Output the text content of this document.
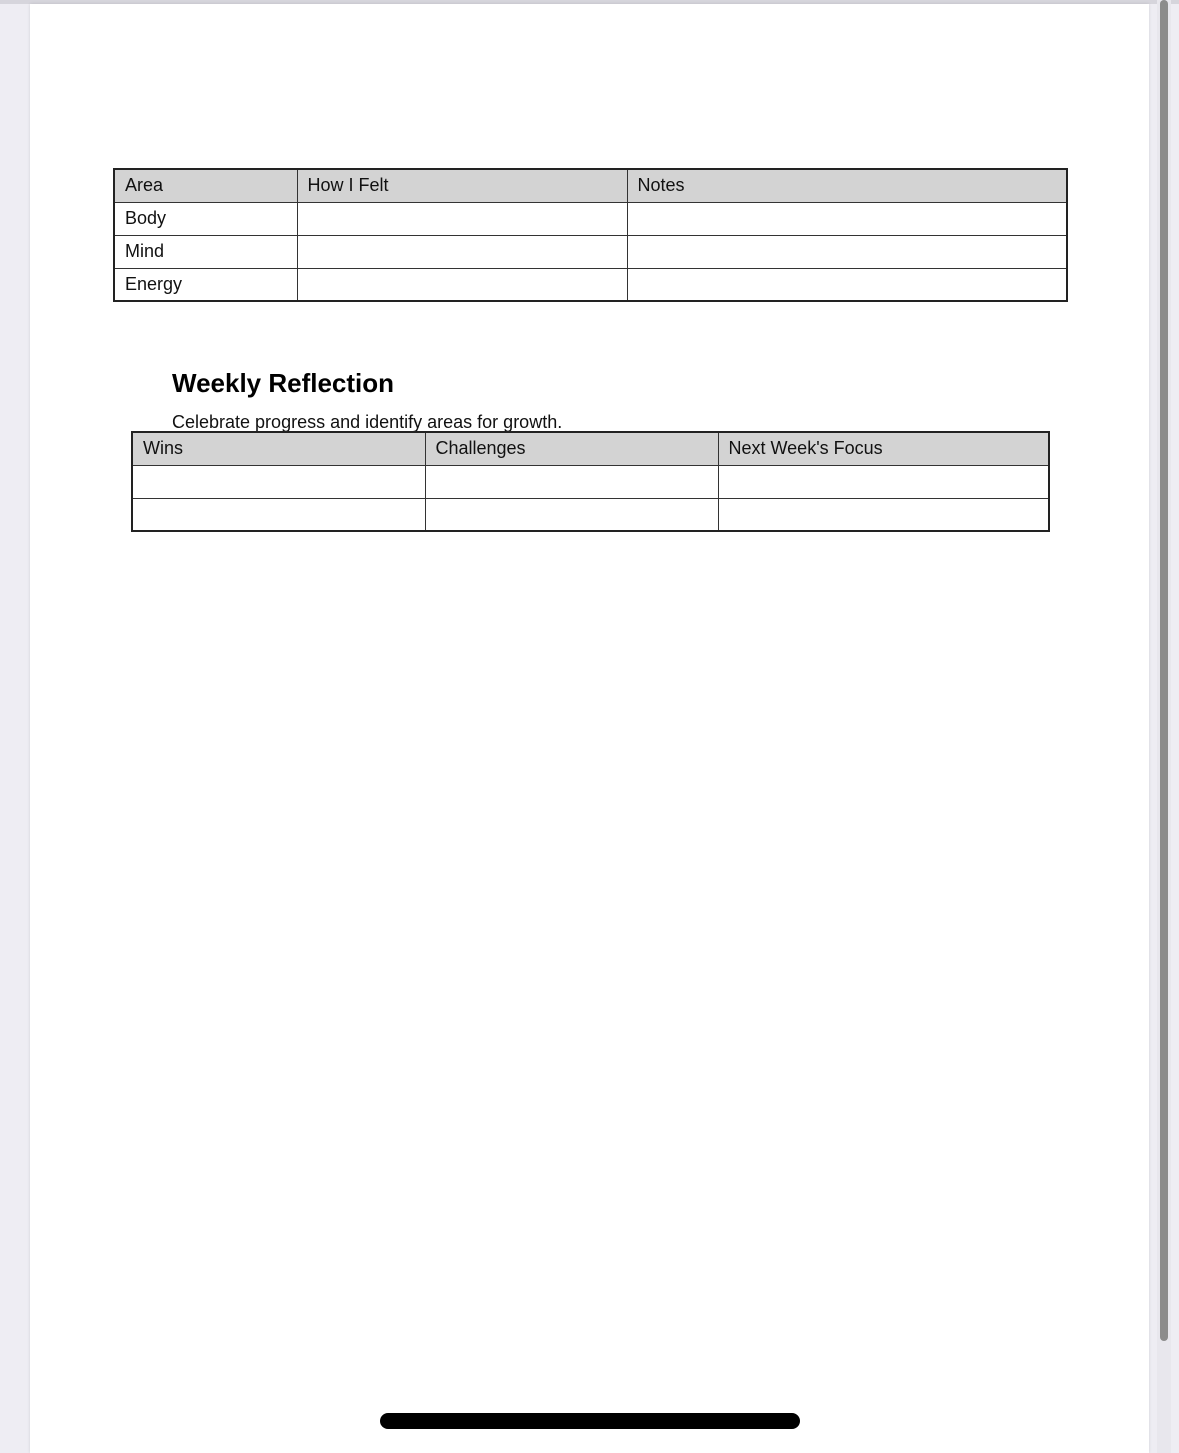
Area	How I Felt	Notes
Body		
Mind		
Energy		
Weekly Reflection

Celebrate progress and identify areas for growth.

Wins	Challenges	Next Week's Focus
